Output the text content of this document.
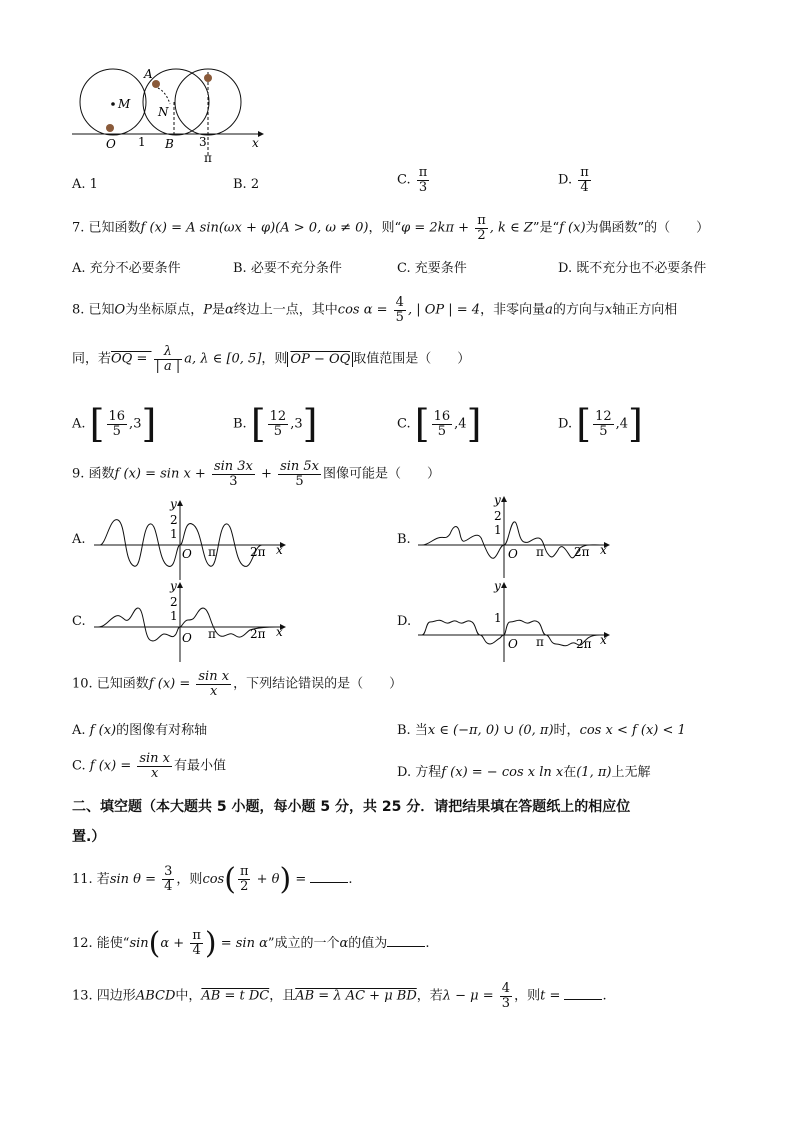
A
M
N
O 1 B 3	x
π
A. 1	B. 2	C. $\frac{\pi}{3}$	D. $\frac{\pi}{4}$
7. 已知函数f (x) = A sin(ωx + φ)(A > 0, ω ≠ 0)，则“$\varphi = 2k\pi + \frac{\pi}{2}$ , k ∈ Z”是“f (x)为偶函数”的（　　）
A. 充分不必要条件	B. 必要不充分条件	C. 充要条件	D. 既不充分也不必要条件
8. 已知O为坐标原点，P是α终边上一点，其中$\cos \alpha = \frac{4}{5}$ , | OP | = 4，非零向量a的方向与x轴正方向相
同，若OQ = $\frac{\lambda}{| a |} a$, λ ∈ [0, 5]，则 OP − OQ 取值范围是（　　）
A. [ $\frac{16}{5} ,3$]	B. [ $\frac{12}{5} ,3$]	C. [ $\frac{16}{5} ,4$]	D. [ $\frac{12}{5} ,4$]
9. 函数f $(x) = \sin x + \frac{\sin 3x}{3} + \frac{\sin 5x}{5}$ 图像可能是（　　）
A.
y
2
1
O π	2π x
B.
y
2
1
O π	2π x
C.
y
2
1
O π	2π x
D.
y
1
O π	2π x
10. 已知函数f $(x) = \frac{\text{sin x}}{x}$ ，下列结论错误的是（　　）
A. f (x)的图像有对称轴	B. 当x ∈ (−π, 0) ∪ (0, π)时，cos x < f (x) < 1
C. f $(x) = \frac{\text{sin x}}{x}$ 有最小值	D. 方程f (x) = − cos x ln x在(1, π)上无解
二、填空题（本大题共 5 小题，每小题 5 分，共 25 分．请把结果填在答题纸上的相应位
置.）
11. 若$\sin \theta = \frac{3}{4}$ ，则$\cos( \frac{\pi}{2} + \theta)$ =	.
12. 能使“$\sin(\alpha + \frac{\pi}{4}$ ) = sin α”成立的一个α的值为	.
13. 四边形ABCD中，AB = t DC，且AB = λ AC + μ BD，若$\lambda - \mu = \frac{4}{3}$ ，则t =	.
